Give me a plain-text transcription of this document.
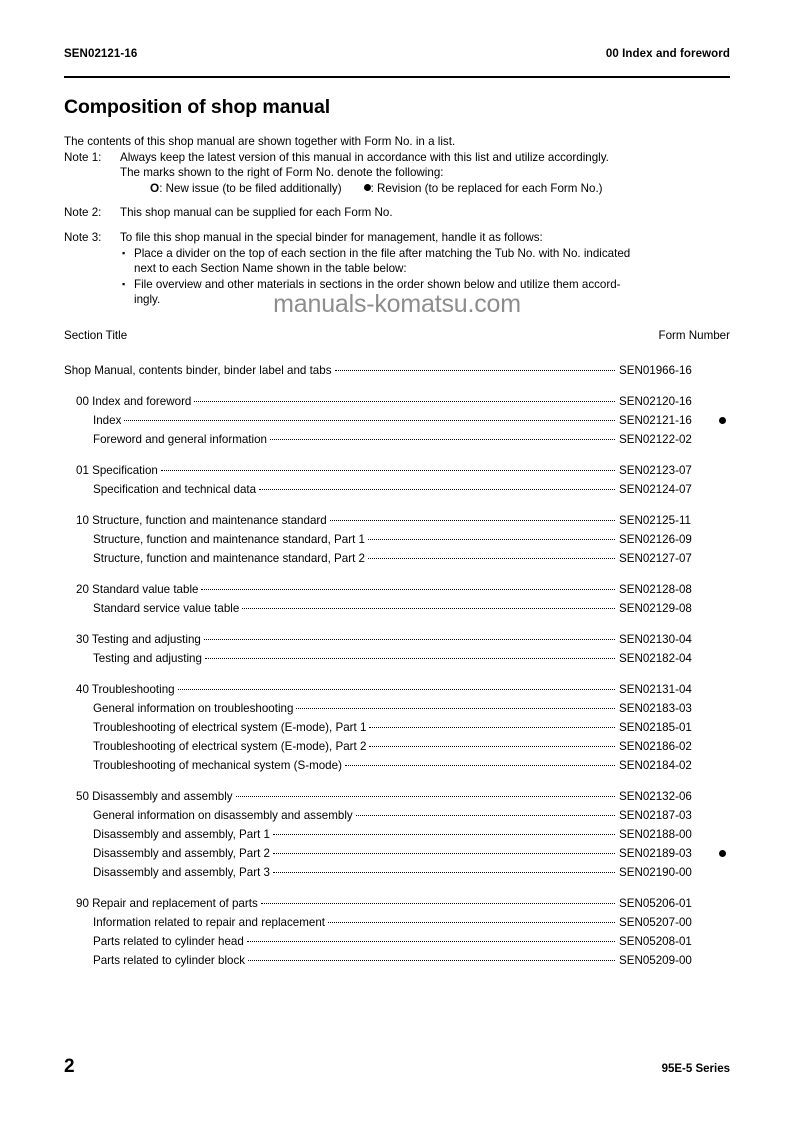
SEN02121-16	00 Index and foreword
Composition of shop manual
The contents of this shop manual are shown together with Form No. in a list.
Note 1:	Always keep the latest version of this manual in accordance with this list and utilize accordingly.
The marks shown to the right of Form No. denote the following:
O: New issue (to be filed additionally)	: Revision (to be replaced for each Form No.)
Note 2:	This shop manual can be supplied for each Form No.
Note 3:	To file this shop manual in the special binder for management, handle it as follows:
▪ Place a divider on the top of each section in the file after matching the Tub No. with No. indicated
next to each Section Name shown in the table below:
▪ File overview and other materials in sections in the order shown below and utilize them accord-
ingly.	manuals-komatsu.com
Section Title	Form Number
Shop Manual, contents binder, binder label and tabs	SEN01966-16
00 Index and foreword	SEN02120-16
Index	SEN02121-16
Foreword and general information	SEN02122-02
01 Specification	SEN02123-07
Specification and technical data	SEN02124-07
10 Structure, function and maintenance standard	SEN02125-11
Structure, function and maintenance standard, Part 1	SEN02126-09
Structure, function and maintenance standard, Part 2	SEN02127-07
20 Standard value table	SEN02128-08
Standard service value table	SEN02129-08
30 Testing and adjusting	SEN02130-04
Testing and adjusting	SEN02182-04
40 Troubleshooting	SEN02131-04
General information on troubleshooting	SEN02183-03
Troubleshooting of electrical system (E-mode), Part 1	SEN02185-01
Troubleshooting of electrical system (E-mode), Part 2	SEN02186-02
Troubleshooting of mechanical system (S-mode)	SEN02184-02
50 Disassembly and assembly	SEN02132-06
General information on disassembly and assembly	SEN02187-03
Disassembly and assembly, Part 1	SEN02188-00
Disassembly and assembly, Part 2	SEN02189-03
Disassembly and assembly, Part 3	SEN02190-00
90 Repair and replacement of parts	SEN05206-01
Information related to repair and replacement	SEN05207-00
Parts related to cylinder head	SEN05208-01
Parts related to cylinder block	SEN05209-00
2	95E-5 Series
